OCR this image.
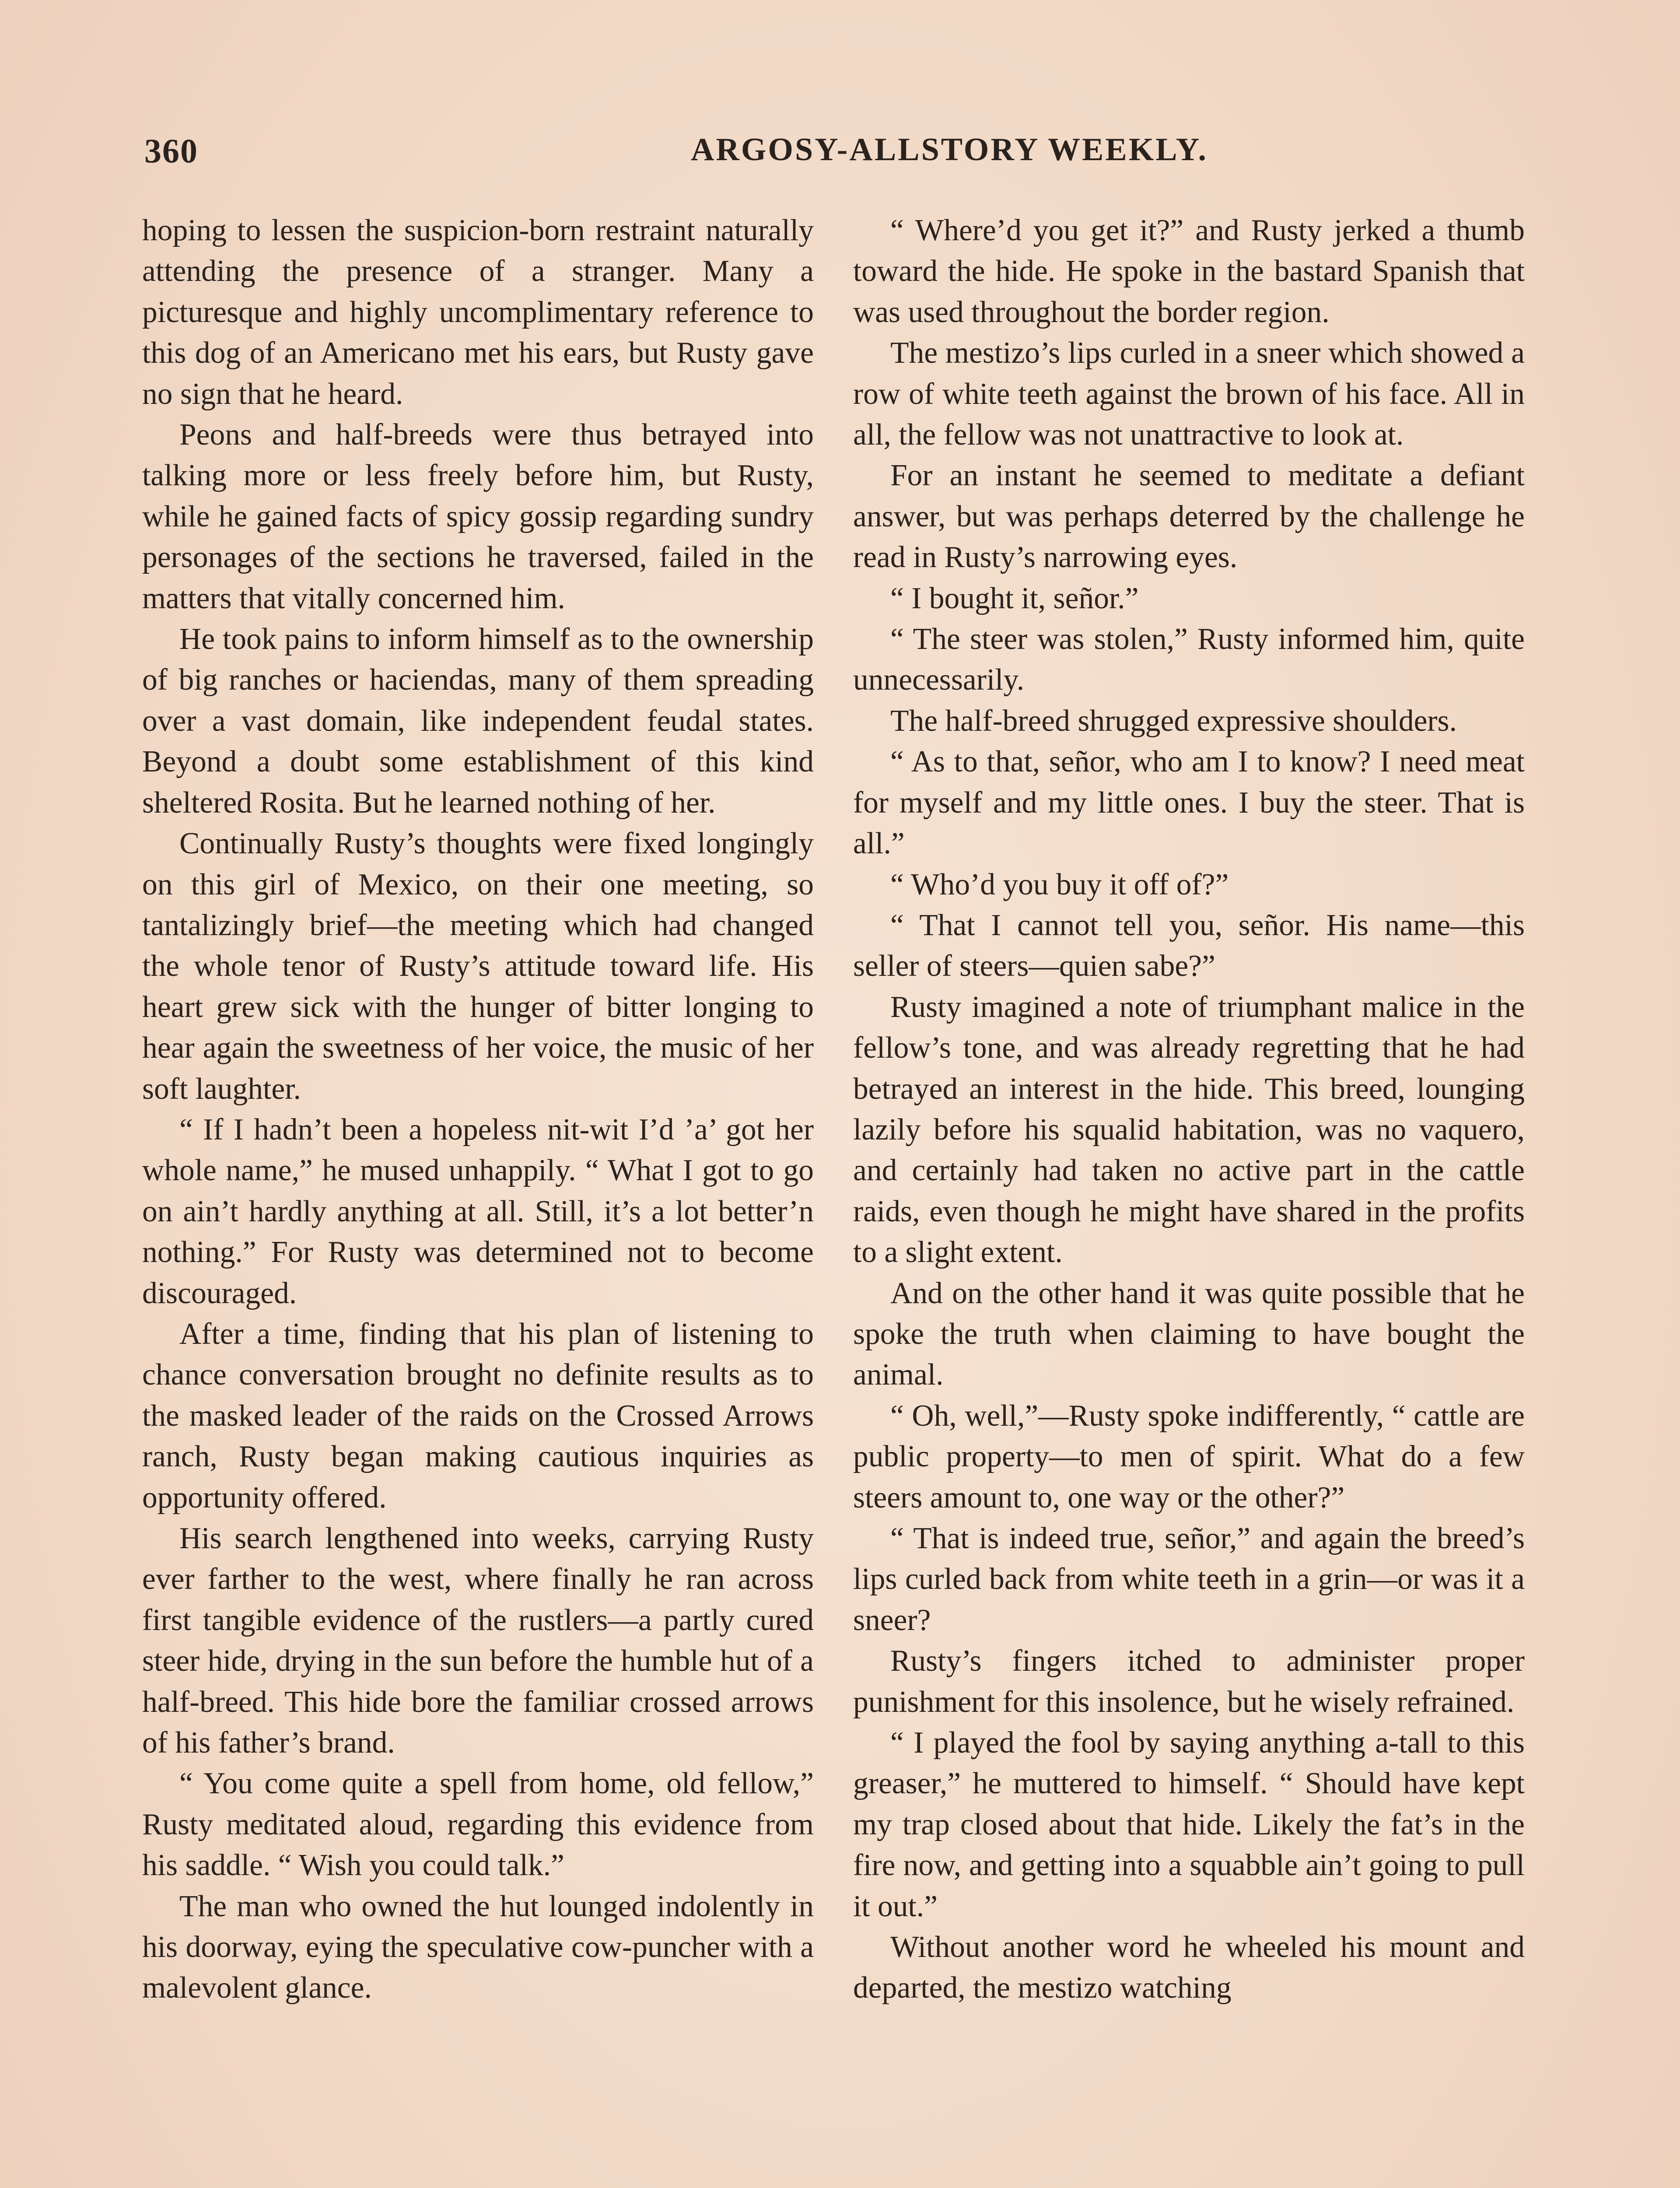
360	ARGOSY-ALLSTORY WEEKLY.

hoping to lessen the suspicion-born restraint naturally attending the presence of a stranger. Many a picturesque and highly uncomplimentary reference to this dog of an Americano met his ears, but Rusty gave no sign that he heard.

Peons and half-breeds were thus betrayed into talking more or less freely before him, but Rusty, while he gained facts of spicy gossip regarding sundry personages of the sections he traversed, failed in the matters that vitally concerned him.

He took pains to inform himself as to the ownership of big ranches or haciendas, many of them spreading over a vast domain, like independent feudal states. Beyond a doubt some establishment of this kind sheltered Rosita. But he learned nothing of her.

Continually Rusty’s thoughts were fixed longingly on this girl of Mexico, on their one meeting, so tantalizingly brief—the meeting which had changed the whole tenor of Rusty’s attitude toward life. His heart grew sick with the hunger of bitter longing to hear again the sweetness of her voice, the music of her soft laughter.

“ If I hadn’t been a hopeless nit-wit I’d ’a’ got her whole name,” he mused unhappily. “ What I got to go on ain’t hardly anything at all. Still, it’s a lot better’n nothing.” For Rusty was determined not to become discouraged.

After a time, finding that his plan of listening to chance conversation brought no definite results as to the masked leader of the raids on the Crossed Arrows ranch, Rusty began making cautious inquiries as opportunity offered.

His search lengthened into weeks, carrying Rusty ever farther to the west, where finally he ran across first tangible evidence of the rustlers—a partly cured steer hide, drying in the sun before the humble hut of a half-breed. This hide bore the familiar crossed arrows of his father’s brand.

“ You come quite a spell from home, old fellow,” Rusty meditated aloud, regarding this evidence from his saddle. “ Wish you could talk.”

The man who owned the hut lounged indolently in his doorway, eying the speculative cow-puncher with a malevolent glance.

“ Where’d you get it?” and Rusty jerked a thumb toward the hide. He spoke in the bastard Spanish that was used throughout the border region.

The mestizo’s lips curled in a sneer which showed a row of white teeth against the brown of his face. All in all, the fellow was not unattractive to look at.

For an instant he seemed to meditate a defiant answer, but was perhaps deterred by the challenge he read in Rusty’s narrowing eyes.

“ I bought it, señor.”

“ The steer was stolen,” Rusty informed him, quite unnecessarily.

The half-breed shrugged expressive shoulders.

“ As to that, señor, who am I to know? I need meat for myself and my little ones. I buy the steer. That is all.”

“ Who’d you buy it off of?”

“ That I cannot tell you, señor. His name—this seller of steers—quien sabe?”

Rusty imagined a note of triumphant malice in the fellow’s tone, and was already regretting that he had betrayed an interest in the hide. This breed, lounging lazily before his squalid habitation, was no vaquero, and certainly had taken no active part in the cattle raids, even though he might have shared in the profits to a slight extent.

And on the other hand it was quite possible that he spoke the truth when claiming to have bought the animal.

“ Oh, well,”—Rusty spoke indifferently, “ cattle are public property—to men of spirit. What do a few steers amount to, one way or the other?”

“ That is indeed true, señor,” and again the breed’s lips curled back from white teeth in a grin—or was it a sneer?

Rusty’s fingers itched to administer proper punishment for this insolence, but he wisely refrained.

“ I played the fool by saying anything a-tall to this greaser,” he muttered to himself. “ Should have kept my trap closed about that hide. Likely the fat’s in the fire now, and getting into a squabble ain’t going to pull it out.”

Without another word he wheeled his mount and departed, the mestizo watching
